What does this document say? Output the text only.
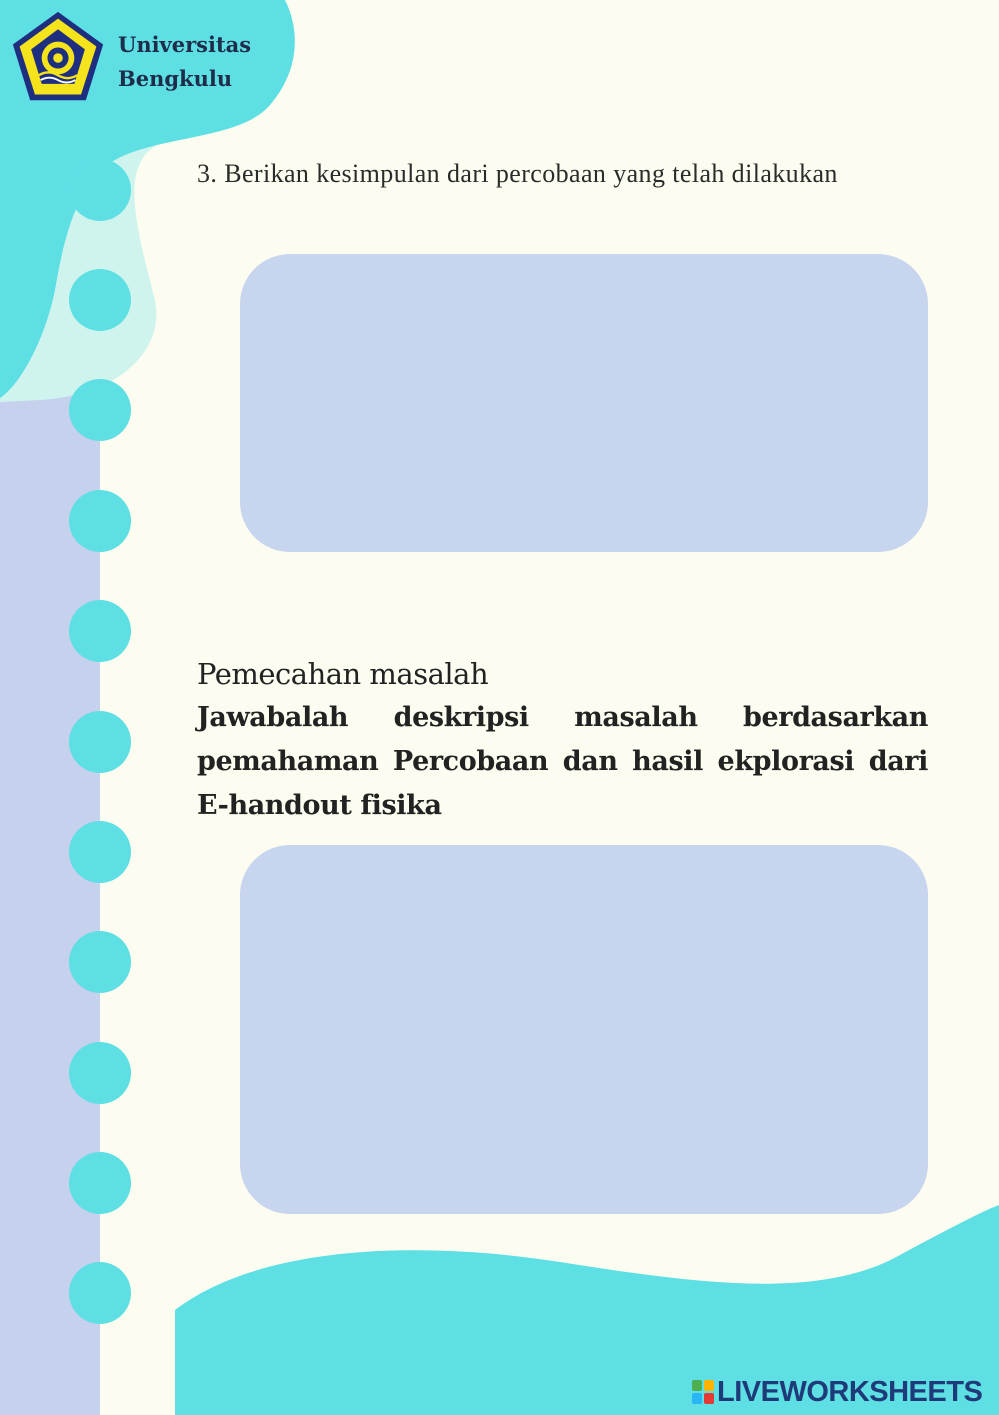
Universitas
Bengkulu
3. Berikan kesimpulan dari percobaan yang telah dilakukan
Pemecahan masalah
Jawabalah deskripsi masalah berdasarkan pemahaman Percobaan dan hasil ekplorasi dari E-handout fisika
LIVEWORKSHEETS
